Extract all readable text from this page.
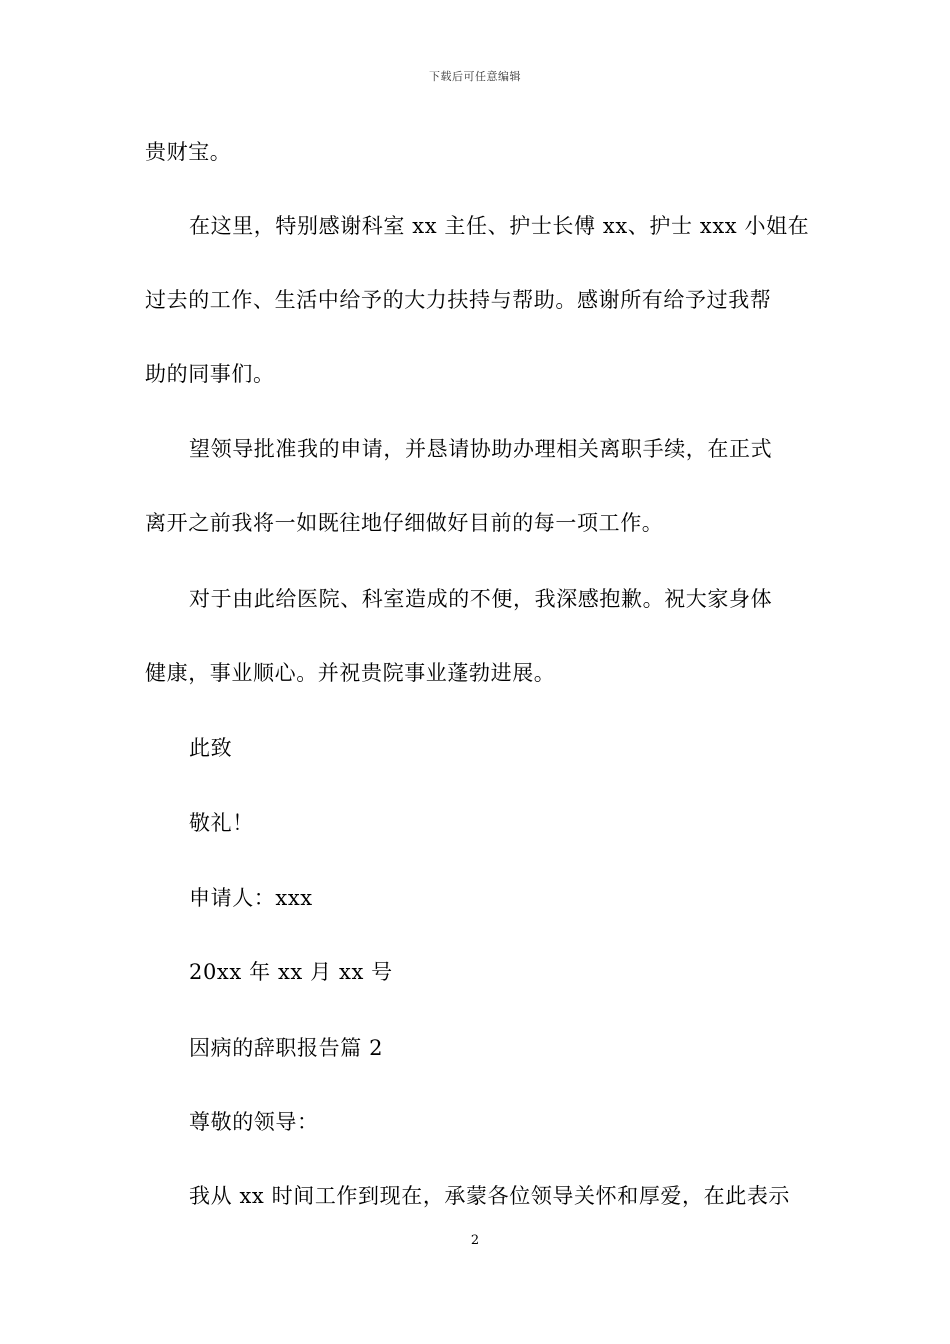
下载后可任意编辑
贵财宝。
在这里，特别感谢科室 xx 主任、护士长傅 xx、护士 xxx 小姐在
过去的工作、生活中给予的大力扶持与帮助。感谢所有给予过我帮
助的同事们。
望领导批准我的申请，并恳请协助办理相关离职手续，在正式
离开之前我将一如既往地仔细做好目前的每一项工作。
对于由此给医院、科室造成的不便，我深感抱歉。祝大家身体
健康，事业顺心。并祝贵院事业蓬勃进展。
此致
敬礼！
申请人：xxx
20xx 年 xx 月 xx 号
因病的辞职报告篇 2
尊敬的领导：
我从 xx 时间工作到现在，承蒙各位领导关怀和厚爱，在此表示
2
